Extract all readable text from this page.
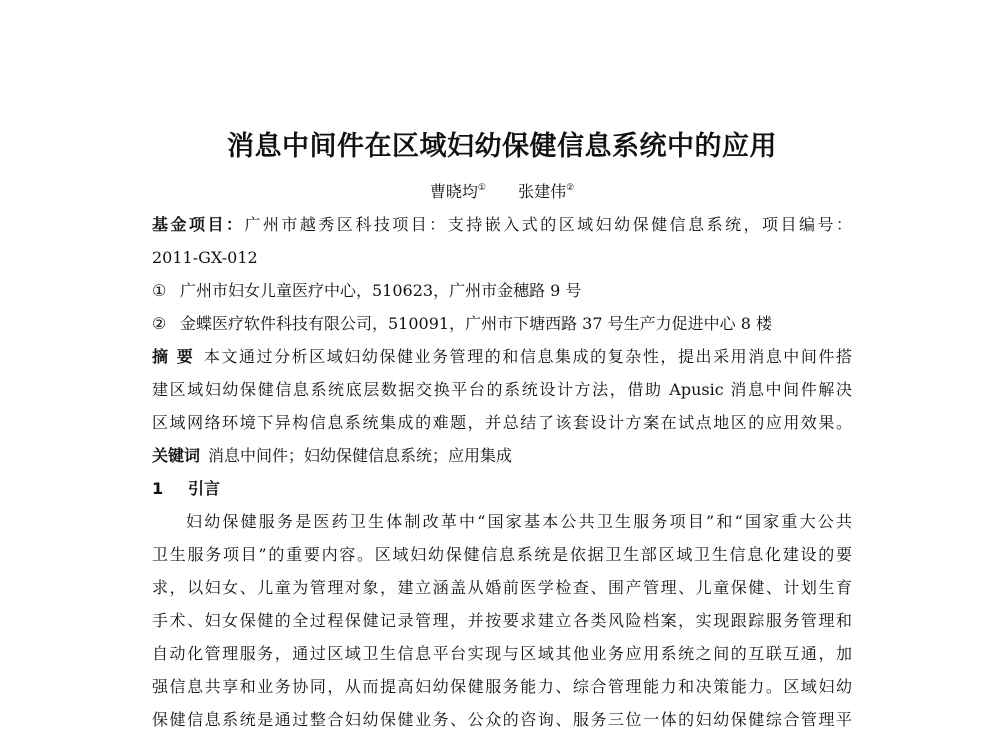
消息中间件在区域妇幼保健信息系统中的应用
曹晓均① 张建伟②
基金项目：广州市越秀区科技项目：支持嵌入式的区域妇幼保健信息系统，项目编号：
2011-GX-012
① 广州市妇女儿童医疗中心，510623，广州市金穗路 9 号
② 金蝶医疗软件科技有限公司，510091，广州市下塘西路 37 号生产力促进中心 8 楼
摘 要  本文通过分析区域妇幼保健业务管理的和信息集成的复杂性，提出采用消息中间件搭
建区域妇幼保健信息系统底层数据交换平台的系统设计方法，借助 Apusic 消息中间件解决
区域网络环境下异构信息系统集成的难题，并总结了该套设计方案在试点地区的应用效果。
关键词  消息中间件；妇幼保健信息系统；应用集成
1 引言
妇幼保健服务是医药卫生体制改革中“国家基本公共卫生服务项目”和“国家重大公共
卫生服务项目”的重要内容。区域妇幼保健信息系统是依据卫生部区域卫生信息化建设的要
求，以妇女、儿童为管理对象，建立涵盖从婚前医学检查、围产管理、儿童保健、计划生育
手术、妇女保健的全过程保健记录管理，并按要求建立各类风险档案，实现跟踪服务管理和
自动化管理服务，通过区域卫生信息平台实现与区域其他业务应用系统之间的互联互通，加
强信息共享和业务协同，从而提高妇幼保健服务能力、综合管理能力和决策能力。区域妇幼
保健信息系统是通过整合妇幼保健业务、公众的咨询、服务三位一体的妇幼保健综合管理平
